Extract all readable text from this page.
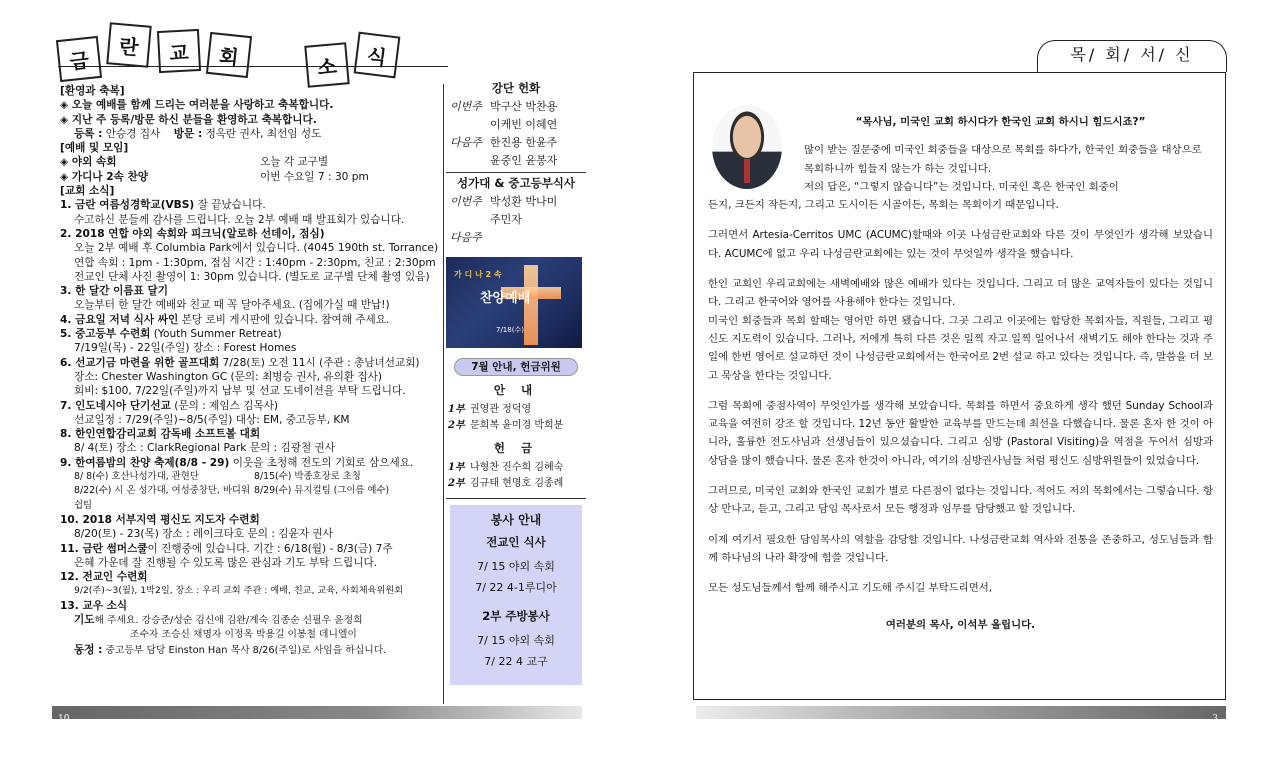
금
란	교	회	소	식
[환영과 축복]
◈ 오늘 예배를 함께 드리는 여러분을 사랑하고 축복합니다.
◈ 지난 주 등록/방문 하신 분들을 환영하고 축복합니다.
등록 : 안승경 집사 방문 : 정옥란 권사, 최선임 성도
[예배 및 모임]
◈ 야외 속회	오늘 각 교구별
◈ 가디나 2속 찬양	이번 수요일 7 : 30 pm
[교회 소식]
1. 금란 여름성경학교(VBS) 잘 끝났습니다.
수고하신 분들께 감사를 드립니다. 오늘 2부 예배 때 발표회가 있습니다.
2. 2018 연합 야외 속회와 피크닉(알로하 선데이, 점심)
오늘 2부 예배 후 Columbia Park에서 있습니다. (4045 190th st. Torrance)
연합 속회 : 1pm - 1:30pm, 점심 시간 : 1:40pm - 2:30pm, 친교 : 2:30pm
전교인 단체 사진 촬영이 1: 30pm 있습니다. (별도로 교구별 단체 촬영 있음)
3. 한 달간 이름표 달기
오늘부터 한 달간 예배와 친교 때 꼭 달아주세요. (집에가실 때 반납!)
4. 금요일 저녁 식사 싸인 본당 로비 게시판에 있습니다. 참여해 주세요.
5. 중고등부 수련회 (Youth Summer Retreat)
7/19일(목) - 22일(주일) 장소 : Forest Homes
6. 선교기금 마련을 위한 골프대회 7/28(토) 오전 11시 (주관 : 총남녀선교회)
장소: Chester Washington GC (문의: 최병승 권사, 유의환 집사)
회비: $100, 7/22일(주일)까지 납부 및 선교 도네이션을 부탁 드립니다.
7. 인도네시아 단기선교 (문의 : 제임스 김목사)
선교일정 : 7/29(주일)~8/5(주일) 대상: EM, 중고등부, KM
8. 한인연합감리교회 감독배 소프트볼 대회
8/ 4(토) 장소 : ClarkRegional Park 문의 : 김광철 권사
9. 한여름밤의 찬양 축제(8/8 - 29) 이웃을 초청해 전도의 기회로 삼으세요.
8/ 8(수) 호산나성가대, 관현단	8/15(수) 박종호장로 초청
8/22(수) 시 온 성가대, 여성중창단, 바디워쉽팀
8/29(수) 뮤지컬팀 (그이름 예수)
10. 2018 서부지역 평신도 지도자 수련회
8/20(토) - 23(목) 장소 : 레이크타호 문의 : 김윤자 권사
11. 금란 썸머스쿨이 진행중에 있습니다. 기간 : 6/18(월) - 8/3(금) 7주
은혜 가운데 잘 진행될 수 있도록 많은 관심과 기도 부탁 드립니다.
12. 전교인 수련회
9/2(주)~3(월), 1박2일, 장소 : 우리 교회 주관 : 예배, 친교, 교육, 사회체육위원회
13. 교우 소식
기도해 주세요. 강승준/성순 김신애 김완/계숙 김종순 신필우 윤정희
조수자 조승신 채명자 이정옥 박용길 이봉철 데니엘이
동정 : 중고등부 담당 Einston Han 목사 8/26(주일)로 사임을 하십니다.
강단 헌화
이번주 박구산 박찬용
이케빈 이혜연
다음주 한진용 한윤주
윤중인 윤봉자
성가대 & 중고등부식사
이번주 박성환 박나미
주민자
다음주
가 디 나 2 속
찬양예배
7/18(수)
7월 안내, 헌금위원
안 내
1부 권영관 정덕영
2부 문희복 윤미경 박희분
헌 금
1부 나형찬 진수희 김혜숙
2부 김규태 현명호 김종례
봉사 안내
전교인 식사
7/ 15 야외 속회
7/ 22 4-1루디아
2부 주방봉사
7/ 15 야외 속회
7/ 22 4 교구
10
“목사님, 미국인 교회 하시다가 한국인 교회 하시니 힘드시죠?”
많이 받는 질문중에 미국인 회중들을 대상으로 목회를 하다가, 한국인 회중들을 대상으로 목회하니까 힘들지 않는가 하는 것입니다.
저의 답은, “그렇지 않습니다”는 것입니다. 미국인 혹은 한국인 회중이

든지, 크든지 작든지, 그리고 도시이든 시골이든, 목회는 목회이기 때문입니다.

그러면서 Artesia-Cerritos UMC (ACUMC)할때와 이곳 나성금란교회와 다른 것이 무엇인가 생각해 보았습니다. ACUMC에 없고 우리 나성금란교회에는 있는 것이 무엇일까 생각을 했습니다.

한인 교회인 우리교회에는 새벽예배와 많은 예배가 있다는 것입니다. 그리고 더 많은 교역자들이 있다는 것입니다. 그리고 한국어와 영어를 사용해야 한다는 것입니다.

미국인 회중들과 목회 할때는 영어만 하면 됐습니다. 그곳 그리고 이곳에는 합당한 목회자들, 직원들, 그리고 평신도 지도력이 있습니다. 그러나, 저에게 특히 다른 것은 일찍 자고 일찍 일어나서 새벽기도 해야 한다는 것과 주일에 한번 영어로 설교하던 것이 나성금란교회에서는 한국어로 2번 설교 하고 있다는 것입니다. 즉, 말씀을 더 보고 묵상을 한다는 것입니다.

그럼 목회에 중점사역이 무엇인가를 생각해 보았습니다. 목회를 하면서 중요하게 생각 했던 Sunday School과 교육을 여전히 강조 할 것입니다. 12년 동안 활발한 교육부를 만드는데 최선을 다했습니다. 물론 혼자 한 것이 아니라, 훌륭한 전도사님과 선생님들이 있으셨습니다. 그리고 심방 (Pastoral Visiting)을 역점을 두어서 심방과 상담을 많이 했습니다. 물론 혼자 한것이 아니라, 여기의 심방권사님들 처럼 평신도 심방위원들이 있었습니다.

그러므로, 미국인 교회와 한국인 교회가 별로 다른점이 없다는 것입니다. 적어도 저의 목회에서는 그렇습니다. 항상 만나고, 듣고, 그리고 담임 목사로서 모든 행정과 임무를 담당했고 할 것입니다.

이제 여기서 필요한 담임목사의 역할을 감당할 것입니다. 나성금란교회 역사와 전통을 존중하고, 성도님들과 함께 하나님의 나라 확장에 힘쓸 것입니다.

모든 성도님들께서 함께 해주시고 기도해 주시길 부탁드리면서,

여러분의 목사, 이석부 올립니다.
목/ 회/ 서/ 신
3
